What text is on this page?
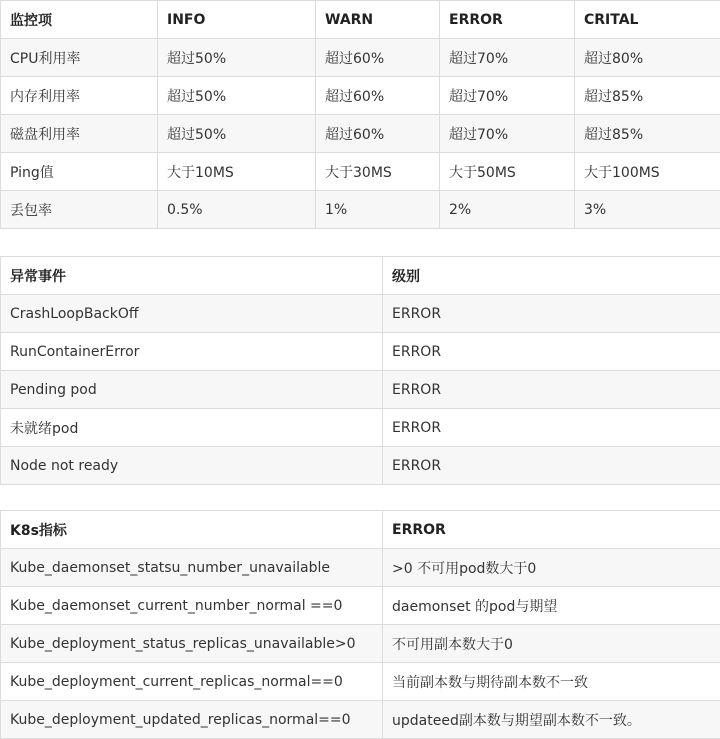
监控项	INFO	WARN	ERROR	CRITAL
CPU利用率	超过50%	超过60%	超过70%	超过80%
内存利用率	超过50%	超过60%	超过70%	超过85%
磁盘利用率	超过50%	超过60%	超过70%	超过85%
Ping值	大于10MS	大于30MS	大于50MS	大于100MS
丢包率	0.5%	1%	2%	3%
异常事件	级别
CrashLoopBackOff	ERROR
RunContainerError	ERROR
Pending pod	ERROR
未就绪pod	ERROR
Node not ready	ERROR
K8s指标	ERROR
Kube_daemonset_statsu_number_unavailable	>0 不可用pod数大于0
Kube_daemonset_current_number_normal ==0	daemonset 的pod与期望
Kube_deployment_status_replicas_unavailable>0	不可用副本数大于0
Kube_deployment_current_replicas_normal==0	当前副本数与期待副本数不一致
Kube_deployment_updated_replicas_normal==0	updateed副本数与期望副本数不一致。
